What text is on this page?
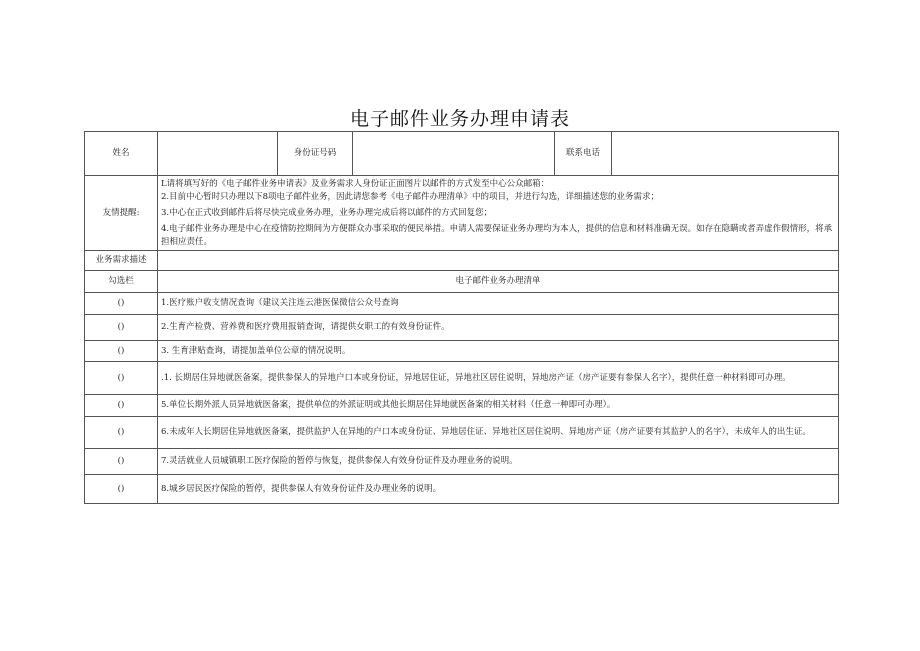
电子邮件业务办理申请表
姓名		身份证号码		联系电话	
友情提醒:	L请将填写好的《电子邮件业务申请表》及业务需求人身份证正面图片以邮件的方式发至中心公众邮箱：
2.目前中心暂时只办理以下8项电子邮件业务，因此请您参考《电子邮件办理清单》中的项目，并进行勾选，详细描述您的业务需求；
3.中心在正式收到邮件后将尽快完成业务办理，业务办理完成后将以邮件的方式回复您；
4.电子邮件业务办理是中心在疫情防控期间为方便群众办事采取的便民举措。申请人需要保证业务办理均为本人，提供的信息和材料准确无误。如存在隐瞒或者弄虚作假情形，将承担相应责任。				

业务需求描述					
勾选栏	电子邮件业务办理清单				
()	1.医疗账户收支情况查询（建议关注连云港医保微信公众号查询				
()	2.生育产检费、营养费和医疗费用报销查询，请提供女职工的有效身份证件。				
()	3. 生育津贴查询，请提加盖单位公章的情况说明。				
()	.1. 长期居住异地就医备案，提供参保人的异地户口本或身份证，异地居住证，异地社区居住说明，异地房产证（房产证要有参保人名字），提供任意一种材料即可办理。				
()	5.单位长期外派人员异地就医备案，提供单位的外派证明或其他长期居住异地就医备案的相关材料（任意一种即可办理）。				
()	6.未成年人长期居住异地就医备案，提供监护人在异地的户口本或身份证、异地居住证、异地社区居住说明、异地房产证（房产证要有其监护人的名字），未成年人的出生证。				
()	7.灵活就业人员城镇职工医疗保险的暂停与恢复，提供参保人有效身份证件及办理业务的说明。				
()	8.城乡居民医疗保险的暂停，提供参保人有效身份证件及办理业务的说明。				
